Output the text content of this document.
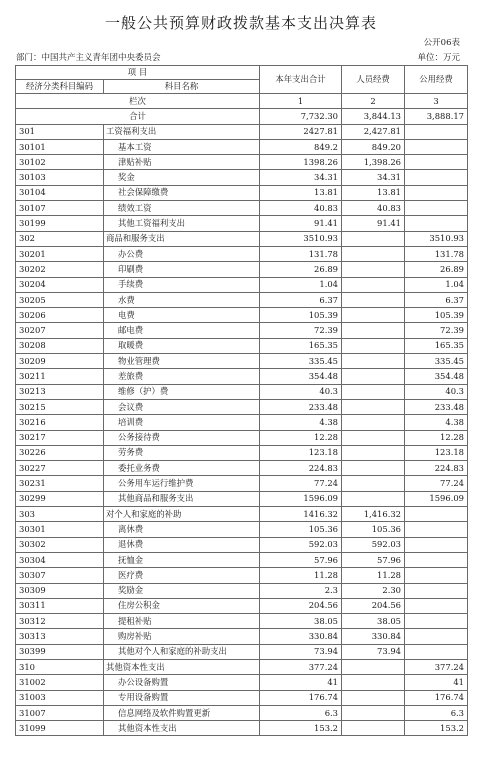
一般公共预算财政拨款基本支出决算表
公开06表
部门：中国共产主义青年团中央委员会	单位：万元
项 目		本年支出合计	人员经费	公用经费
经济分类科目编码	科目名称			
栏次		1	2	3
合计		7,732.30	3,844.13	3,888.17
301	工资福利支出	2427.81	2,427.81	
30101	基本工资	849.2	849.20	
30102	津贴补贴	1398.26	1,398.26	
30103	奖金	34.31	34.31	
30104	社会保障缴费	13.81	13.81	
30107	绩效工资	40.83	40.83	
30199	其他工资福利支出	91.41	91.41	
302	商品和服务支出	3510.93		3510.93
30201	办公费	131.78		131.78
30202	印刷费	26.89		26.89
30204	手续费	1.04		1.04
30205	水费	6.37		6.37
30206	电费	105.39		105.39
30207	邮电费	72.39		72.39
30208	取暖费	165.35		165.35
30209	物业管理费	335.45		335.45
30211	差旅费	354.48		354.48
30213	维修（护）费	40.3		40.3
30215	会议费	233.48		233.48
30216	培训费	4.38		4.38
30217	公务接待费	12.28		12.28
30226	劳务费	123.18		123.18
30227	委托业务费	224.83		224.83
30231	公务用车运行维护费	77.24		77.24
30299	其他商品和服务支出	1596.09		1596.09
303	对个人和家庭的补助	1416.32	1,416.32	
30301	离休费	105.36	105.36	
30302	退休费	592.03	592.03	
30304	抚恤金	57.96	57.96	
30307	医疗费	11.28	11.28	
30309	奖励金	2.3	2.30	
30311	住房公积金	204.56	204.56	
30312	提租补贴	38.05	38.05	
30313	购房补贴	330.84	330.84	
30399	其他对个人和家庭的补助支出	73.94	73.94	
310	其他资本性支出	377.24		377.24
31002	办公设备购置	41		41
31003	专用设备购置	176.74		176.74
31007	信息网络及软件购置更新	6.3		6.3
31099	其他资本性支出	153.2		153.2
